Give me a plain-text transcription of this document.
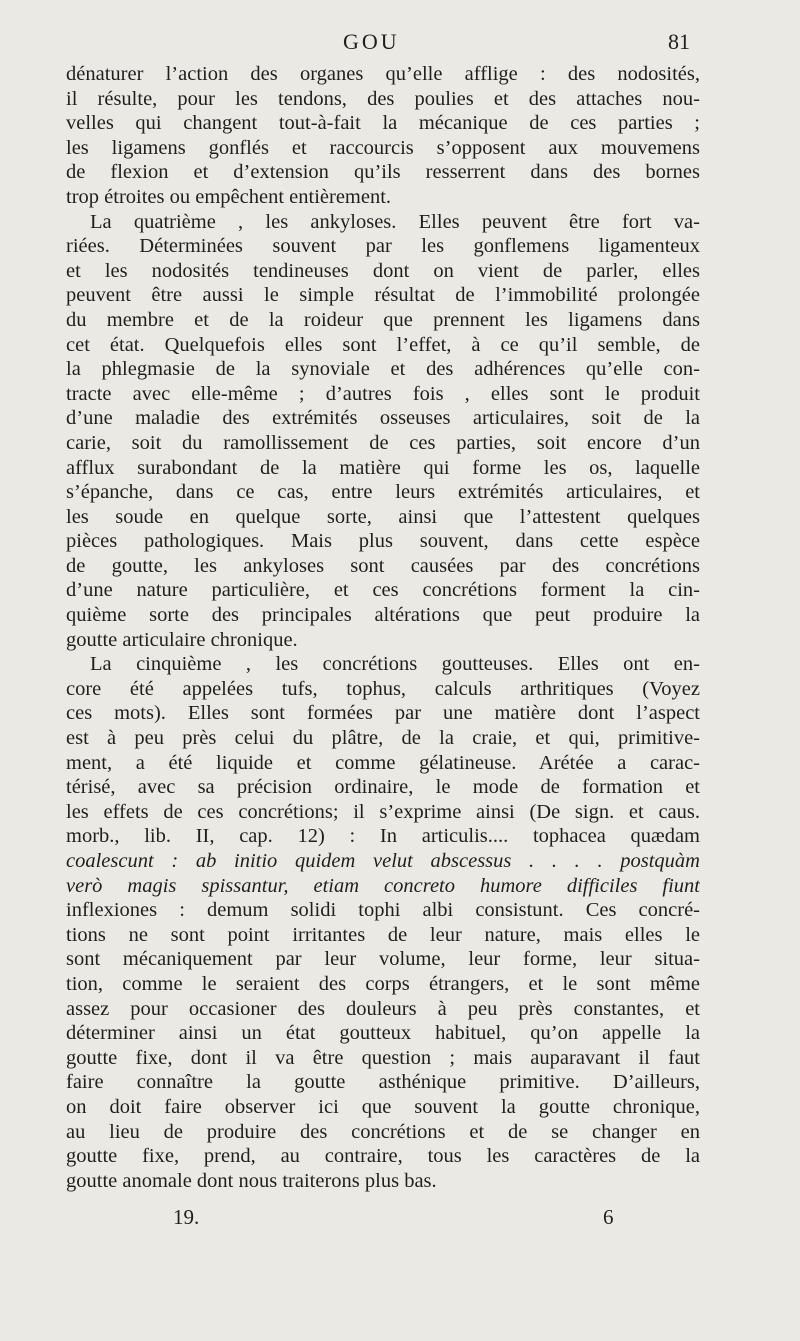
GOU	81
dénaturer l’action des organes qu’elle afflige : des nodosités,
il résulte, pour les tendons, des poulies et des attaches nou-
velles qui changent tout-à-fait la mécanique de ces parties ;
les ligamens gonflés et raccourcis s’opposent aux mouvemens
de flexion et d’extension qu’ils resserrent dans des bornes
trop étroites ou empêchent entièrement.
La quatrième , les ankyloses. Elles peuvent être fort va-
riées. Déterminées souvent par les gonflemens ligamenteux
et les nodosités tendineuses dont on vient de parler, elles
peuvent être aussi le simple résultat de l’immobilité prolongée
du membre et de la roideur que prennent les ligamens dans
cet état. Quelquefois elles sont l’effet, à ce qu’il semble, de
la phlegmasie de la synoviale et des adhérences qu’elle con-
tracte avec elle-même ; d’autres fois , elles sont le produit
d’une maladie des extrémités osseuses articulaires, soit de la
carie, soit du ramollissement de ces parties, soit encore d’un
afflux surabondant de la matière qui forme les os, laquelle
s’épanche, dans ce cas, entre leurs extrémités articulaires, et
les soude en quelque sorte, ainsi que l’attestent quelques
pièces pathologiques. Mais plus souvent, dans cette espèce
de goutte, les ankyloses sont causées par des concrétions
d’une nature particulière, et ces concrétions forment la cin-
quième sorte des principales altérations que peut produire la
goutte articulaire chronique.
La cinquième , les concrétions goutteuses. Elles ont en-
core été appelées tufs, tophus, calculs arthritiques (Voyez
ces mots). Elles sont formées par une matière dont l’aspect
est à peu près celui du plâtre, de la craie, et qui, primitive-
ment, a été liquide et comme gélatineuse. Arétée a carac-
térisé, avec sa précision ordinaire, le mode de formation et
les effets de ces concrétions; il s’exprime ainsi (De sign. et caus.
morb., lib. II, cap. 12) : In articulis.... tophacea quædam
coalescunt : ab initio quidem velut abscessus . . . . postquàm
verò magis spissantur, etiam concreto humore difficiles fiunt
inflexiones : demum solidi tophi albi consistunt. Ces concré-
tions ne sont point irritantes de leur nature, mais elles le
sont mécaniquement par leur volume, leur forme, leur situa-
tion, comme le seraient des corps étrangers, et le sont même
assez pour occasioner des douleurs à peu près constantes, et
déterminer ainsi un état goutteux habituel, qu’on appelle la
goutte fixe, dont il va être question ; mais auparavant il faut
faire connaître la goutte asthénique primitive. D’ailleurs,
on doit faire observer ici que souvent la goutte chronique,
au lieu de produire des concrétions et de se changer en
goutte fixe, prend, au contraire, tous les caractères de la
goutte anomale dont nous traiterons plus bas.
19.	6
